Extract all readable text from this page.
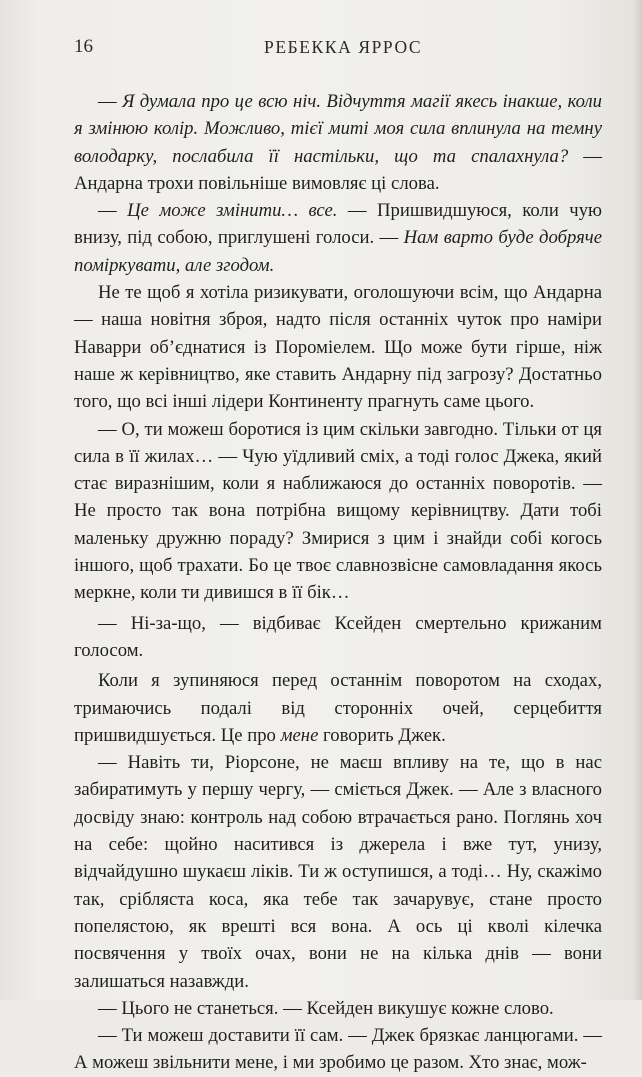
16	РЕБЕККА ЯРРОС

— Я думала про це всю ніч. Відчуття магії якесь інакше, коли я змінюю колір. Можливо, тієї миті моя сила вплинула на темну володарку, послабила її настільки, що та спалахнула? — Андарна трохи повільніше вимовляє ці слова.

— Це може змінити… все. — Пришвидшуюся, коли чую внизу, під собою, приглушені голоси. — Нам варто буде добряче поміркувати, але згодом.

Не те щоб я хотіла ризикувати, оголошуючи всім, що Андарна — наша новітня зброя, надто після останніх чуток про наміри Наварри об’єднатися із Пороміелем. Що може бути гірше, ніж наше ж керівництво, яке ставить Андарну під загрозу? Достатньо того, що всі інші лідери Континенту прагнуть саме цього.

— О, ти можеш боротися із цим скільки завгодно. Тільки от ця сила в її жилах… — Чую уїдливий сміх, а тоді голос Джека, який стає виразнішим, коли я наближаюся до останніх поворотів. — Не просто так вона потрібна вищому керівництву. Дати тобі маленьку дружню пораду? Змирися з цим і знайди собі когось іншого, щоб трахати. Бо це твоє славнозвісне самовладання якось меркне, коли ти дивишся в її бік…

— Ні-за-що, — відбиває Ксейден смертельно крижаним голосом.

Коли я зупиняюся перед останнім поворотом на сходах, тримаючись подалі від сторонніх очей, серцебиття пришвидшується. Це про мене говорить Джек.

— Навіть ти, Ріорсоне, не маєш впливу на те, що в нас забиратимуть у першу чергу, — сміється Джек. — Але з власного досвіду знаю: контроль над собою втрачається рано. Поглянь хоч на себе: щойно наситився із джерела і вже тут, унизу, відчайдушно шукаєш ліків. Ти ж оступишся, а тоді… Ну, скажімо так, срібляста коса, яка тебе так зачарувує, стане просто попелястою, як врешті вся вона. А ось ці кволі кілечка посвячення у твоїх очах, вони не на кілька днів — вони залишаться назавжди.

— Цього не станеться. — Ксейден викушує кожне слово.

— Ти можеш доставити її сам. — Джек брязкає ланцюгами. — А можеш звільнити мене, і ми зробимо це разом. Хто знає, мож-
